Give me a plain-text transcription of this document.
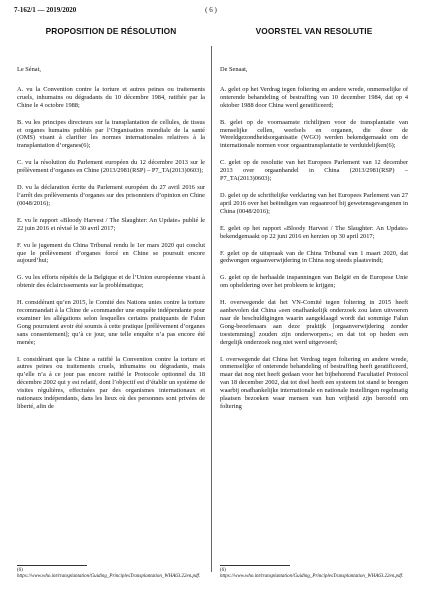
7-162/1 — 2019/2020	( 6 )
PROPOSITION DE RÉSOLUTION

Le Sénat,

A. vu la Convention contre la torture et autres peines ou traitements cruels, inhumains ou dégradants du 10 décembre 1984, ratifiée par la Chine le 4 octobre 1988;

B. vu les principes directeurs sur la transplantation de cellules, de tissus et organes humains publiés par l’Organisation mondiale de la santé (OMS) visant à clarifier les normes internationales relatives à la transplantation d’organes(6);

C. vu la résolution du Parlement européen du 12 décembre 2013 sur le prélèvement d’organes en Chine (2013/2981(RSP) – P7_TA(2013)0603);

D. vu la déclaration écrite du Parlement européen du 27 avril 2016 sur l’arrêt des prélèvements d’organes sur des prisonniers d’opinion en Chine (0048/2016);

E. vu le rapport «Bloody Harvest / The Slaughter: An Update» publié le 22 juin 2016 et révisé le 30 avril 2017;

F. vu le jugement du China Tribunal rendu le 1er mars 2020 qui conclut que le prélèvement d’organes forcé en Chine se poursuit encore aujourd’hui;

G. vu les efforts répétés de la Belgique et de l’Union européenne visant à obtenir des éclaircissements sur la problématique;

H. considérant qu’en 2015, le Comité des Nations unies contre la torture recommandait à la Chine de «commander une enquête indépendante pour examiner les allégations selon lesquelles certains pratiquants de Falun Gong pourraient avoir été soumis à cette pratique [prélèvement d’organes sans consentement]; qu’à ce jour, une telle enquête n’a pas encore été menée;

I. considérant que la Chine a ratifié la Convention contre la torture et autres peines ou traitements cruels, inhumains ou dégradants, mais qu’elle n’a à ce jour pas encore ratifié le Protocole optionnel du 18 décembre 2002 qui y est relatif, dont l’objectif est d’établir un système de visites régulières, effectuées par des organismes internationaux et nationaux indépendants, dans les lieux où des personnes sont privées de liberté, afin de

VOORSTEL VAN RESOLUTIE

De Senaat,

A. gelet op het Verdrag tegen foltering en andere wrede, onmenselijke of onterende behandeling of bestraffing van 10 december 1984, dat op 4 oktober 1988 door China werd geratificeerd;

B. gelet op de voornaamste richtlijnen voor de transplantatie van menselijke cellen, weefsels en organen, die door de Wereldgezondheidsorganisatie (WGO) werden bekendgemaakt om de internationale normen voor orgaantransplantatie te verduidelijken(6);

C. gelet op de resolutie van het Europees Parlement van 12 december 2013 over orgaanhandel in China (2013/2981(RSP) – P7_TA(2013)0603);

D. gelet op de schriftelijke verklaring van het Europees Parlement van 27 april 2016 over het beëindigen van orgaanroof bij gewetensgevangenen in China (0048/2016);

E. gelet op het rapport «Bloody Harvest / The Slaughter: An Update» bekendgemaakt op 22 juni 2016 en herzien op 30 april 2017;

F. gelet op de uitspraak van de China Tribunal van 1 maart 2020, dat gedwongen orgaanverwijdering in China nog steeds plaatsvindt;

G. gelet op de herhaalde inspanningen van België en de Europese Unie om opheldering over het probleem te krijgen;

H. overwegende dat het VN-Comité tegen foltering in 2015 heeft aanbevolen dat China «een onafhankelijk onderzoek zou laten uitvoeren naar de beschuldigingen waarin aangeklaagd wordt dat sommige Falun Gong-beoefenaars aan deze praktijk [orgaanverwijdering zonder toestemming] zouden zijn onderworpen»; en dat tot op heden een dergelijk onderzoek nog niet werd uitgevoerd;

I. overwegende dat China het Verdrag tegen foltering en andere wrede, onmenselijke of onterende behandeling of bestraffing heeft geratificeerd, maar dat nog niet heeft gedaan voor het bijbehorend Facultatief Protocol van 18 december 2002, dat tot doel heeft een systeem tot stand te brengen waarbij onafhankelijke internationale en nationale instellingen regelmatig plaatsen bezoeken waar mensen van hun vrijheid zijn beroofd om foltering

(6) https://www.who.int/transplantation/Guiding_PrinciplesTransplantation_WHA63.22en.pdf.
(6) https://www.who.int/transplantation/Guiding_PrinciplesTransplantation_WHA63.22en.pdf.
